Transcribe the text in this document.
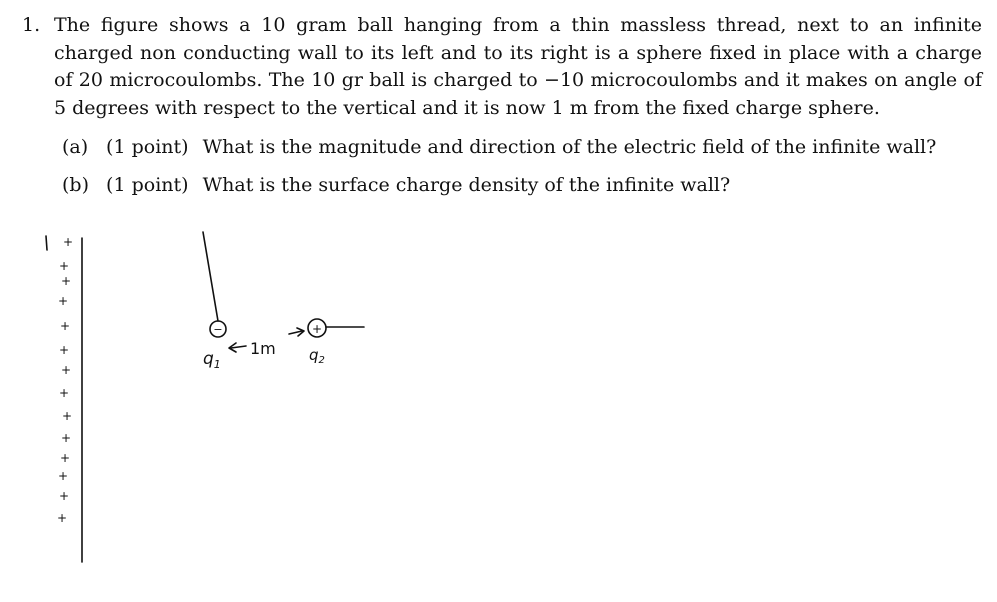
1. The figure shows a 10 gram ball hanging from a thin massless thread, next to an infinite charged non conducting wall to its left and to its right is a sphere fixed in place with a charge of 20 microcoulombs. The 10 gr ball is charged to −10 microcoulombs and it makes on angle of 5 degrees with respect to the vertical and it is now 1 m from the fixed charge sphere.
(a) (1 point) What is the magnitude and direction of the electric field of the infinite wall?
(b) (1 point) What is the surface charge density of the infinite wall?
+
+
+
+
+
+
+
+
+
+
+
+
+
+
−	+
$q_1$
1m $q_2$
